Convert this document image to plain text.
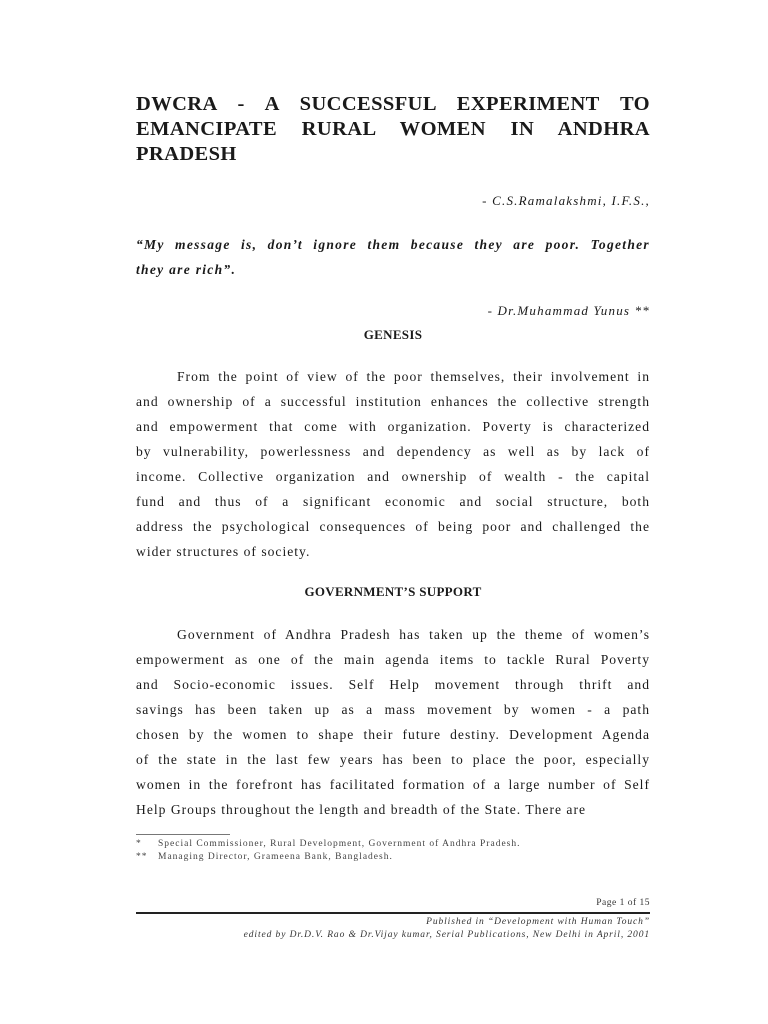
DWCRA - A SUCCESSFUL EXPERIMENT TO
EMANCIPATE RURAL WOMEN IN ANDHRA
PRADESH

- C.S.Ramalakshmi, I.F.S.,

“My message is, don’t ignore them because they are poor. Together
they are rich”.

- Dr.Muhammad Yunus **

GENESIS

From the point of view of the poor themselves, their involvement in
and ownership of a successful institution enhances the collective strength
and empowerment that come with organization. Poverty is characterized
by vulnerability, powerlessness and dependency as well as by lack of
income. Collective organization and ownership of wealth - the capital
fund and thus of a significant economic and social structure, both
address the psychological consequences of being poor and challenged the
wider structures of society.

GOVERNMENT’S SUPPORT

Government of Andhra Pradesh has taken up the theme of women’s
empowerment as one of the main agenda items to tackle Rural Poverty
and Socio-economic issues. Self Help movement through thrift and
savings has been taken up as a mass movement by women - a path
chosen by the women to shape their future destiny. Development Agenda
of the state in the last few years has been to place the poor, especially
women in the forefront has facilitated formation of a large number of Self
Help Groups throughout the length and breadth of the State. There are

*	Special Commissioner, Rural Development, Government of Andhra Pradesh.
**	Managing Director, Grameena Bank, Bangladesh.
Page 1 of 15
Published in “Development with Human Touch”
edited by Dr.D.V. Rao & Dr.Vijay kumar, Serial Publications, New Delhi in April, 2001
